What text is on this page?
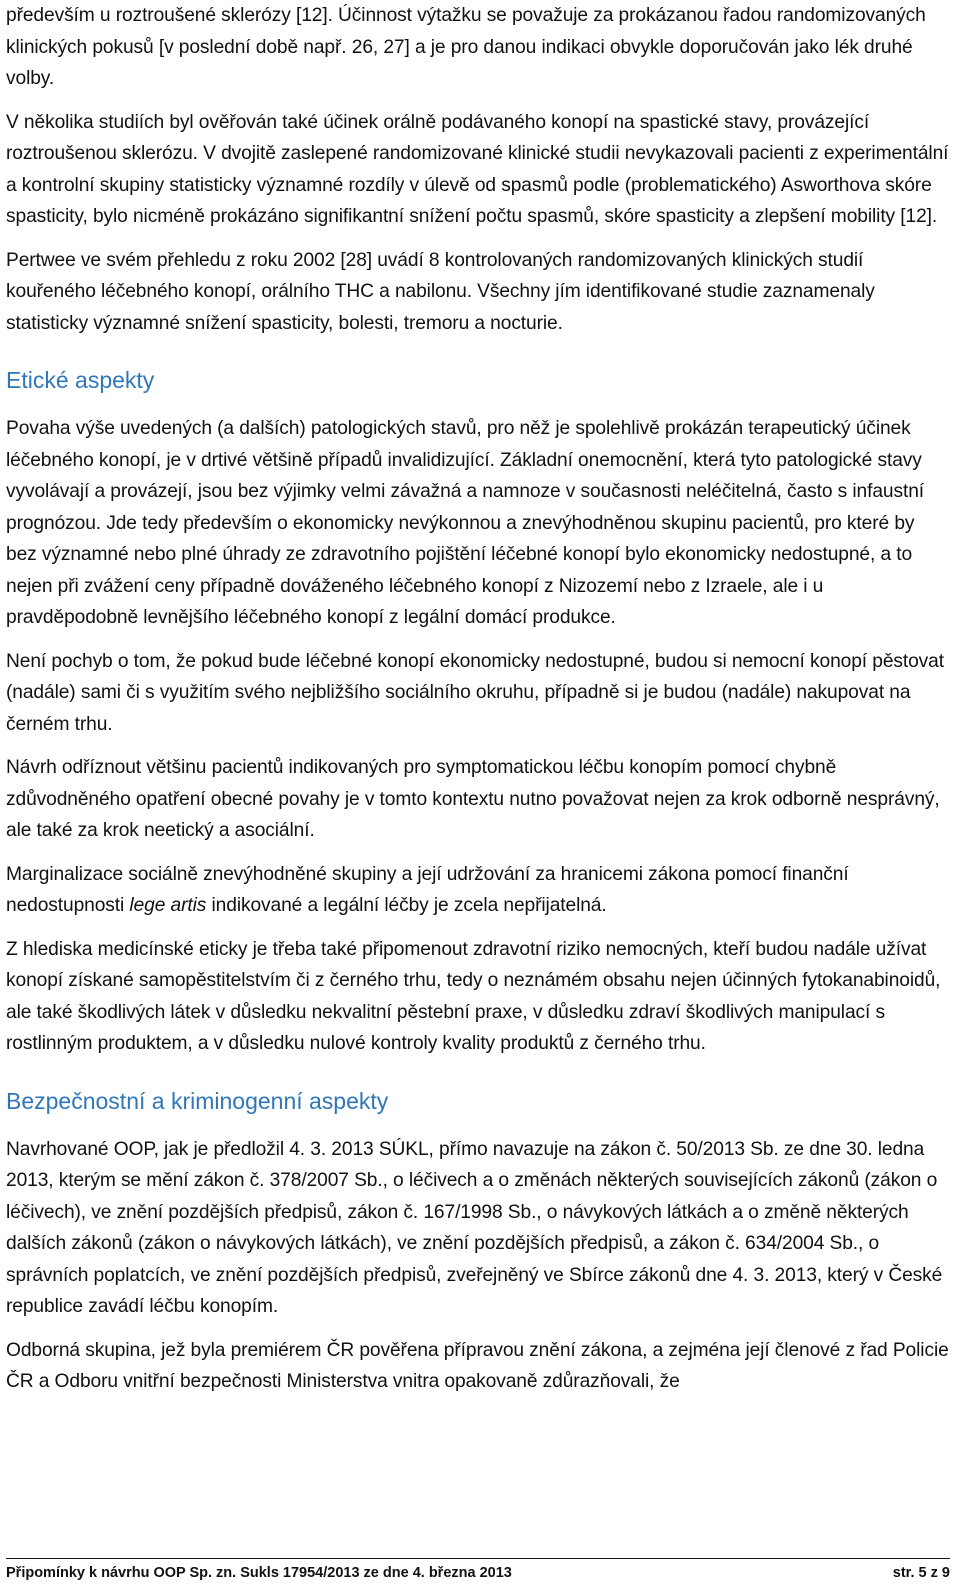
především u roztroušené sklerózy [12]. Účinnost výtažku se považuje za prokázanou řadou randomizovaných klinických pokusů [v poslední době např. 26, 27] a je pro danou indikaci obvykle doporučován jako lék druhé volby.

V několika studiích byl ověřován také účinek orálně podávaného konopí na spastické stavy, provázející roztroušenou sklerózu. V dvojitě zaslepené randomizované klinické studii nevykazovali pacienti z experimentální a kontrolní skupiny statisticky významné rozdíly v úlevě od spasmů podle (problematického) Asworthova skóre spasticity, bylo nicméně prokázáno signifikantní snížení počtu spasmů, skóre spasticity a zlepšení mobility [12].

Pertwee ve svém přehledu z roku 2002 [28] uvádí 8 kontrolovaných randomizovaných klinických studií kouřeného léčebného konopí, orálního THC a nabilonu. Všechny jím identifikované studie zaznamenaly statisticky významné snížení spasticity, bolesti, tremoru a nocturie.

Etické aspekty

Povaha výše uvedených (a dalších) patologických stavů, pro něž je spolehlivě prokázán terapeutický účinek léčebného konopí, je v drtivé většině případů invalidizující. Základní onemocnění, která tyto patologické stavy vyvolávají a provázejí, jsou bez výjimky velmi závažná a namnoze v současnosti neléčitelná, často s infaustní prognózou. Jde tedy především o ekonomicky nevýkonnou a znevýhodněnou skupinu pacientů, pro které by bez významné nebo plné úhrady ze zdravotního pojištění léčebné konopí bylo ekonomicky nedostupné, a to nejen při zvážení ceny případně dováženého léčebného konopí z Nizozemí nebo z Izraele, ale i u pravděpodobně levnějšího léčebného konopí z legální domácí produkce.

Není pochyb o tom, že pokud bude léčebné konopí ekonomicky nedostupné, budou si nemocní konopí pěstovat (nadále) sami či s využitím svého nejbližšího sociálního okruhu, případně si je budou (nadále) nakupovat na černém trhu.

Návrh odříznout většinu pacientů indikovaných pro symptomatickou léčbu konopím pomocí chybně zdůvodněného opatření obecné povahy je v tomto kontextu nutno považovat nejen za krok odborně nesprávný, ale také za krok neetický a asociální.

Marginalizace sociálně znevýhodněné skupiny a její udržování za hranicemi zákona pomocí finanční nedostupnosti lege artis indikované a legální léčby je zcela nepřijatelná.

Z hlediska medicínské eticky je třeba také připomenout zdravotní riziko nemocných, kteří budou nadále užívat konopí získané samopěstitelstvím či z černého trhu, tedy o neznámém obsahu nejen účinných fytokanabinoidů, ale také škodlivých látek v důsledku nekvalitní pěstební praxe, v důsledku zdraví škodlivých manipulací s rostlinným produktem, a v důsledku nulové kontroly kvality produktů z černého trhu.

Bezpečnostní a kriminogenní aspekty

Navrhované OOP, jak je předložil 4. 3. 2013 SÚKL, přímo navazuje na zákon č. 50/2013 Sb. ze dne 30. ledna 2013, kterým se mění zákon č. 378/2007 Sb., o léčivech a o změnách některých souvisejících zákonů (zákon o léčivech), ve znění pozdějších předpisů, zákon č. 167/1998 Sb., o návykových látkách a o změně některých dalších zákonů (zákon o návykových látkách), ve znění pozdějších předpisů, a zákon č. 634/2004 Sb., o správních poplatcích, ve znění pozdějších předpisů, zveřejněný ve Sbírce zákonů dne 4. 3. 2013, který v České republice zavádí léčbu konopím.

Odborná skupina, jež byla premiérem ČR pověřena přípravou znění zákona, a zejména její členové z řad Policie ČR a Odboru vnitřní bezpečnosti Ministerstva vnitra opakovaně zdůrazňovali, že

Připomínky k návrhu OOP Sp. zn. Sukls 17954/2013 ze dne 4. března 2013	str. 5 z 9
